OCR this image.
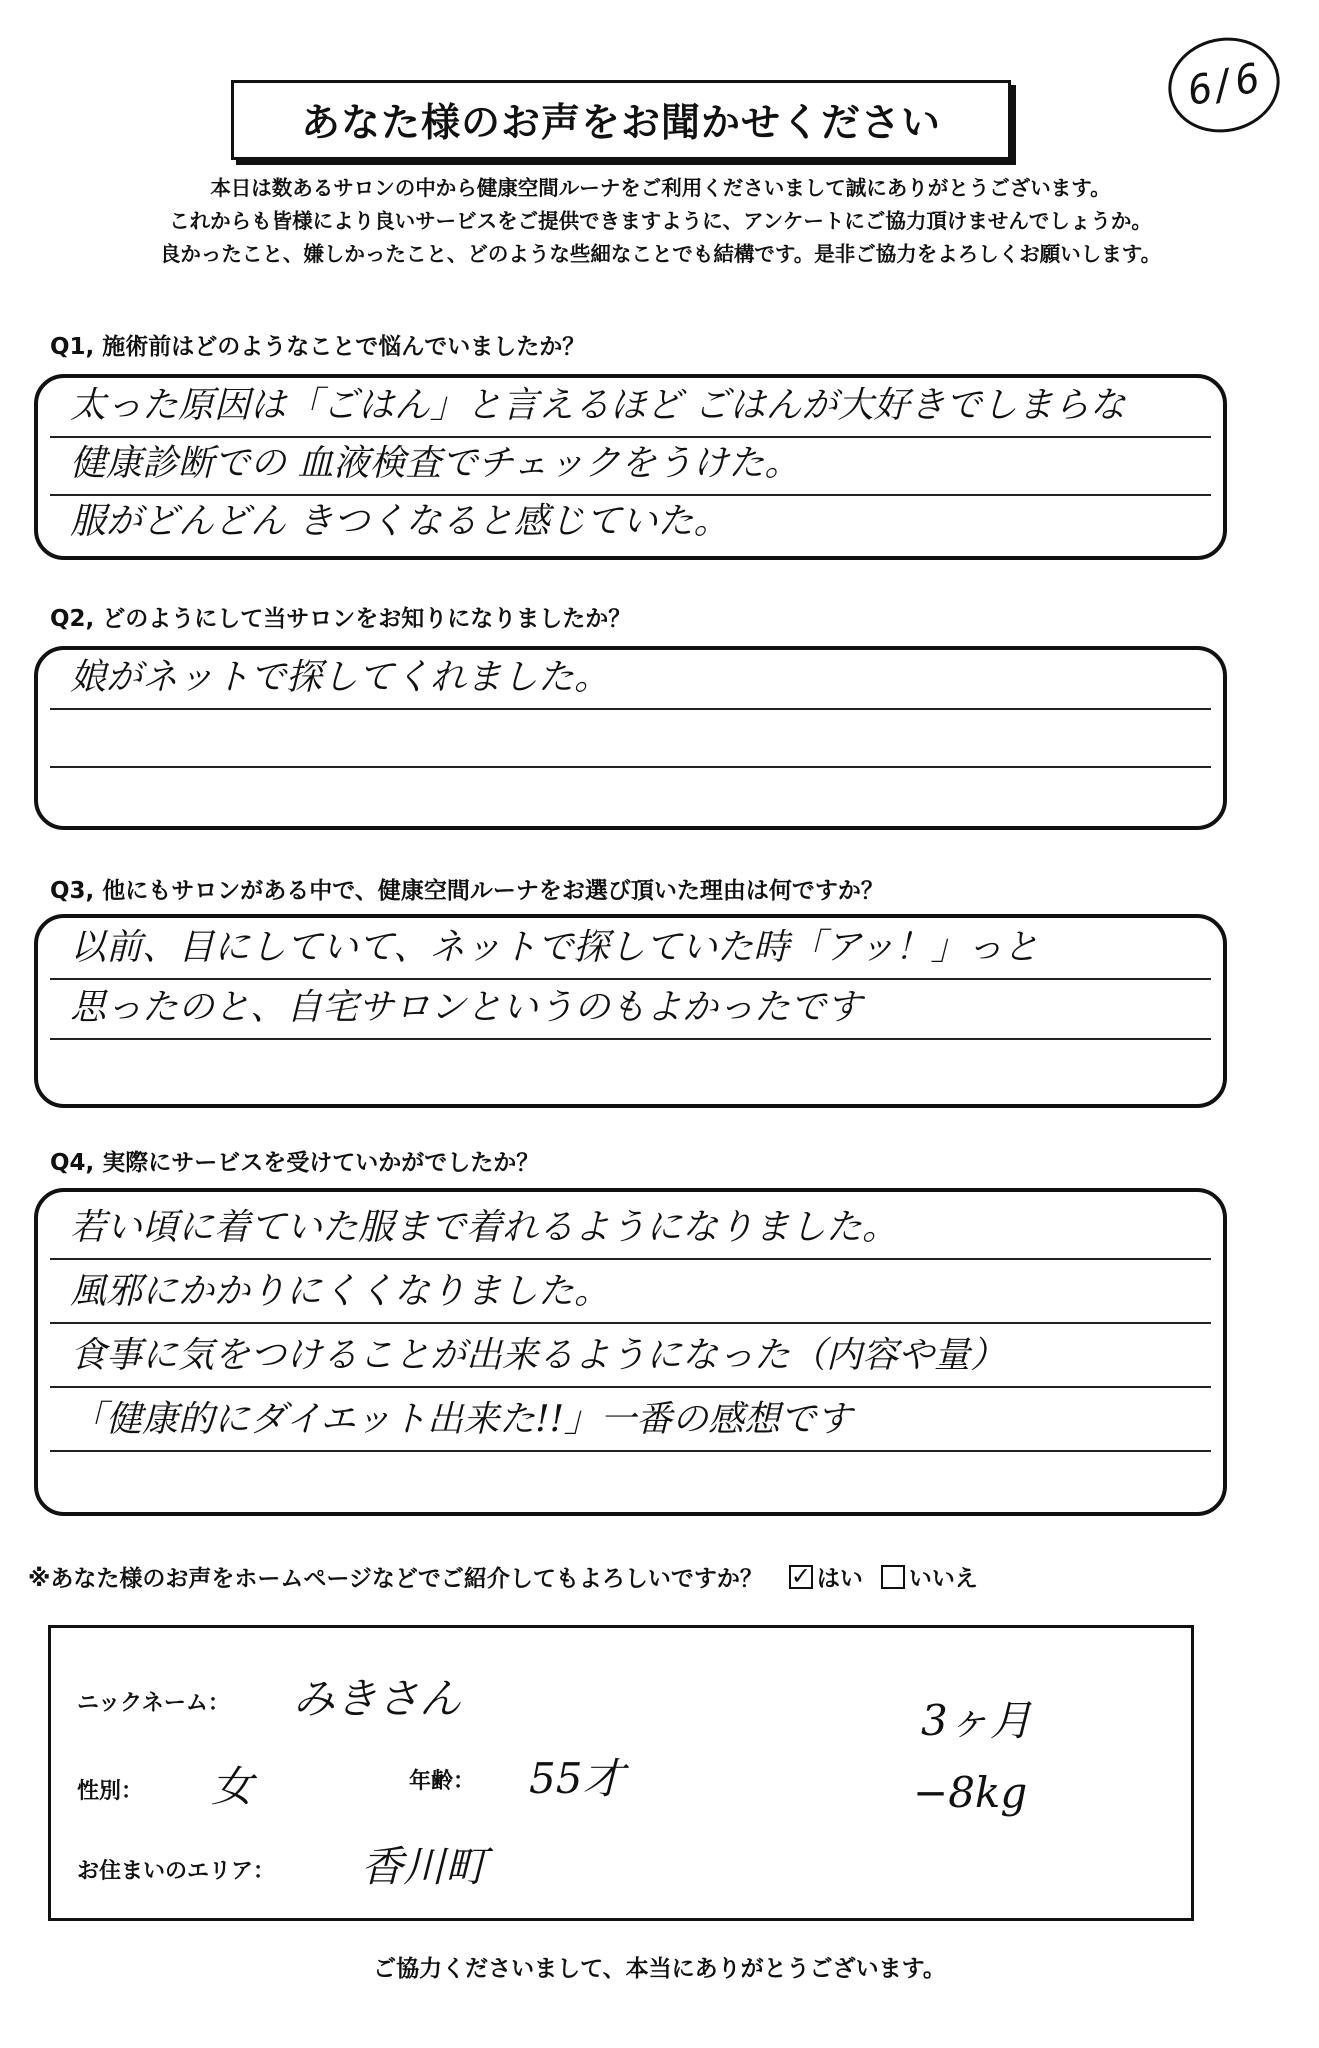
6/6
あなた様のお声をお聞かせください
本日は数あるサロンの中から健康空間ルーナをご利用くださいまして誠にありがとうございます。
これからも皆様により良いサービスをご提供できますように、アンケートにご協力頂けませんでしょうか。
良かったこと、嫌しかったこと、どのような些細なことでも結構です。是非ご協力をよろしくお願いします。
Q1, 施術前はどのようなことで悩んでいましたか？
太った原因は「ごはん」と言えるほど ごはんが大好きでしまらな
健康診断での 血液検査でチェックをうけた。
服がどんどん きつくなると感じていた。
Q2, どのようにして当サロンをお知りになりましたか？
娘がネットで探してくれました。
Q3, 他にもサロンがある中で、健康空間ルーナをお選び頂いた理由は何ですか？
以前、目にしていて、ネットで探していた時「アッ！」っと
思ったのと、自宅サロンというのもよかったです
Q4, 実際にサービスを受けていかがでしたか？
若い頃に着ていた服まで着れるようになりました。
風邪にかかりにくくなりました。
食事に気をつけることが出来るようになった（内容や量）
「健康的にダイエット出来た!!」一番の感想です
※あなた様のお声をホームページなどでご紹介してもよろしいですか？ ✓ はい いいえ
ニックネーム： みきさん
性別： 女	年齢： 55才
お住まいのエリア： 香川町
3ヶ月
−8kg
ご協力くださいまして、本当にありがとうございます。
